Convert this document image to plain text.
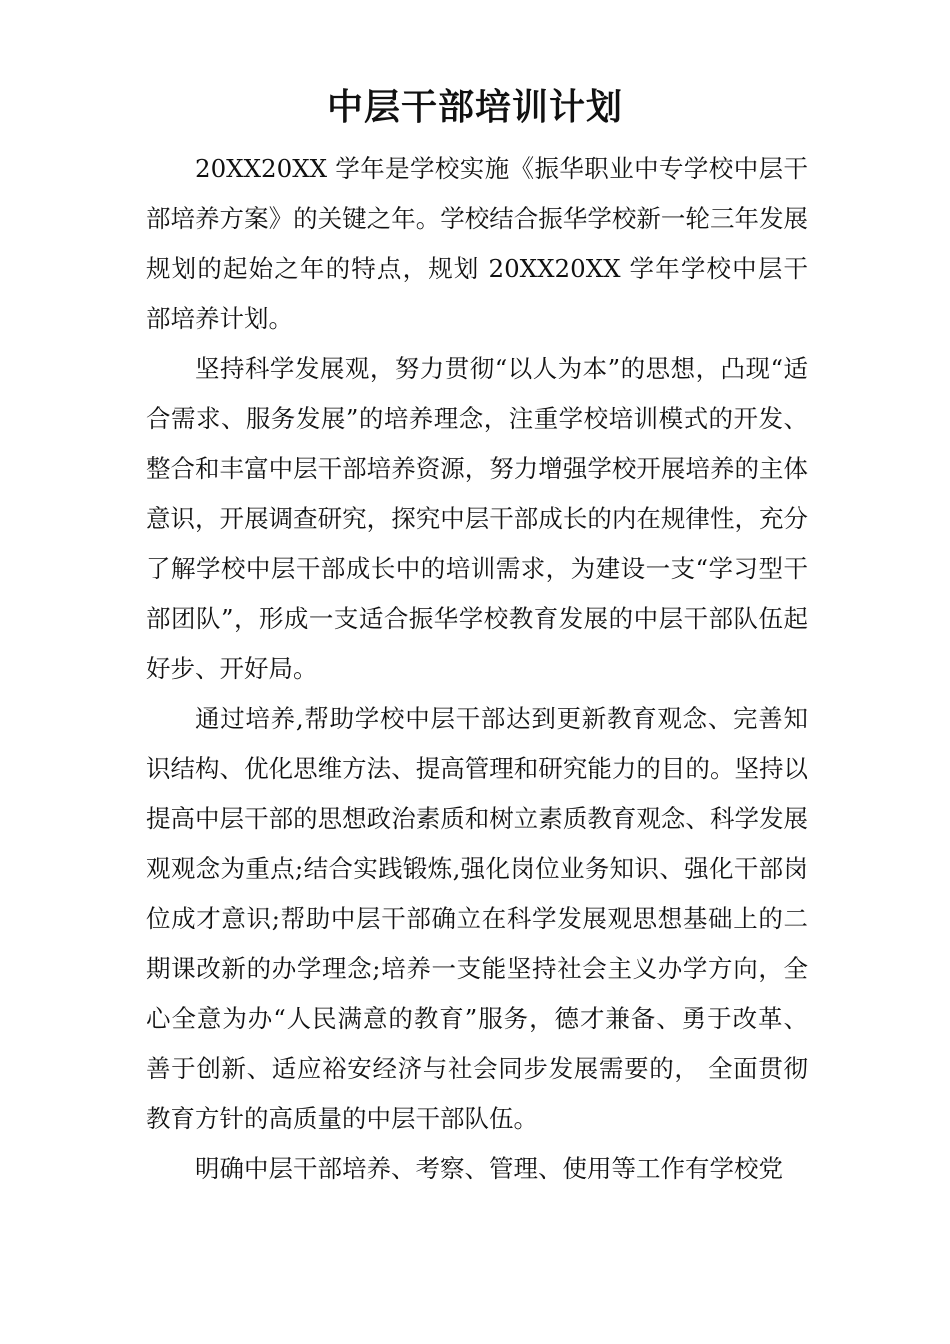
中层干部培训计划

20XX20XX 学年是学校实施《振华职业中专学校中层干部培养方案》的关键之年。学校结合振华学校新一轮三年发展规划的起始之年的特点，规划 20XX20XX 学年学校中层干部培养计划。

坚持科学发展观，努力贯彻“以人为本”的思想，凸现“适合需求、服务发展”的培养理念，注重学校培训模式的开发、整合和丰富中层干部培养资源，努力增强学校开展培养的主体意识，开展调查研究，探究中层干部成长的内在规律性，充分了解学校中层干部成长中的培训需求，为建设一支“学习型干部团队”，形成一支适合振华学校教育发展的中层干部队伍起好步、开好局。

通过培养,帮助学校中层干部达到更新教育观念、完善知识结构、优化思维方法、提高管理和研究能力的目的。坚持以提高中层干部的思想政治素质和树立素质教育观念、科学发展观观念为重点;结合实践锻炼,强化岗位业务知识、强化干部岗位成才意识;帮助中层干部确立在科学发展观思想基础上的二期课改新的办学理念;培养一支能坚持社会主义办学方向，全心全意为办“人民满意的教育”服务，德才兼备、勇于改革、善于创新、适应裕安经济与社会同步发展需要的， 全面贯彻教育方针的高质量的中层干部队伍。

明确中层干部培养、考察、管理、使用等工作有学校党
